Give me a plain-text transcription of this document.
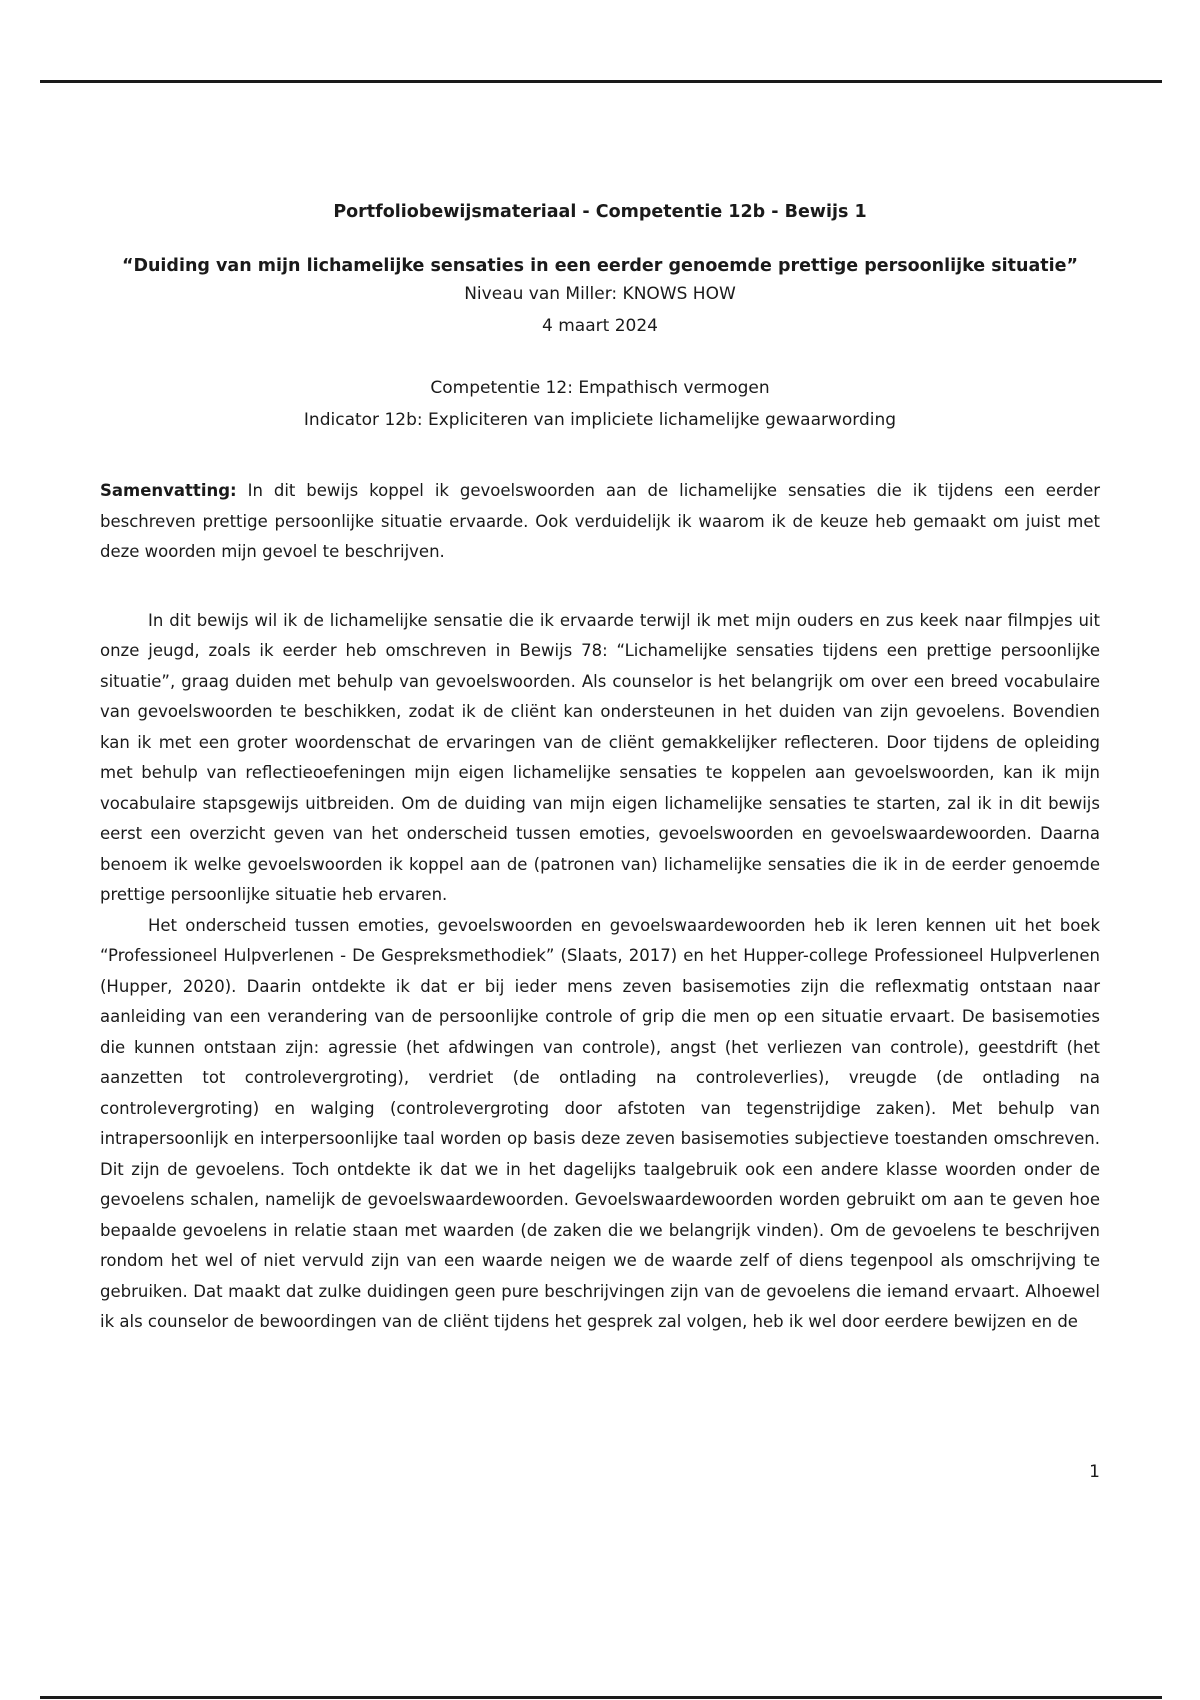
Portfoliobewijsmateriaal - Competentie 12b - Bewijs 1

“Duiding van mijn lichamelijke sensaties in een eerder genoemde prettige persoonlijke situatie”

Niveau van Miller: KNOWS HOW

4 maart 2024

Competentie 12: Empathisch vermogen

Indicator 12b: Expliciteren van impliciete lichamelijke gewaarwording

Samenvatting: In dit bewijs koppel ik gevoelswoorden aan de lichamelijke sensaties die ik tijdens een eerder beschreven prettige persoonlijke situatie ervaarde. Ook verduidelijk ik waarom ik de keuze heb gemaakt om juist met deze woorden mijn gevoel te beschrijven.

In dit bewijs wil ik de lichamelijke sensatie die ik ervaarde terwijl ik met mijn ouders en zus keek naar filmpjes uit onze jeugd, zoals ik eerder heb omschreven in Bewijs 78: “Lichamelijke sensaties tijdens een prettige persoonlijke situatie”, graag duiden met behulp van gevoelswoorden. Als counselor is het belangrijk om over een breed vocabulaire van gevoelswoorden te beschikken, zodat ik de cliënt kan ondersteunen in het duiden van zijn gevoelens. Bovendien kan ik met een groter woordenschat de ervaringen van de cliënt gemakkelijker reflecteren. Door tijdens de opleiding met behulp van reflectieoefeningen mijn eigen lichamelijke sensaties te koppelen aan gevoelswoorden, kan ik mijn vocabulaire stapsgewijs uitbreiden. Om de duiding van mijn eigen lichamelijke sensaties te starten, zal ik in dit bewijs eerst een overzicht geven van het onderscheid tussen emoties, gevoelswoorden en gevoelswaardewoorden. Daarna benoem ik welke gevoelswoorden ik koppel aan de (patronen van) lichamelijke sensaties die ik in de eerder genoemde prettige persoonlijke situatie heb ervaren.

Het onderscheid tussen emoties, gevoelswoorden en gevoelswaardewoorden heb ik leren kennen uit het boek “Professioneel Hulpverlenen - De Gespreksmethodiek” (Slaats, 2017) en het Hupper-college Professioneel Hulpverlenen (Hupper, 2020). Daarin ontdekte ik dat er bij ieder mens zeven basisemoties zijn die reflexmatig ontstaan naar aanleiding van een verandering van de persoonlijke controle of grip die men op een situatie ervaart. De basisemoties die kunnen ontstaan zijn: agressie (het afdwingen van controle), angst (het verliezen van controle), geestdrift (het aanzetten tot controlevergroting), verdriet (de ontlading na controleverlies), vreugde (de ontlading na controlevergroting) en walging (controlevergroting door afstoten van tegenstrijdige zaken). Met behulp van intrapersoonlijk en interpersoonlijke taal worden op basis deze zeven basisemoties subjectieve toestanden omschreven. Dit zijn de gevoelens. Toch ontdekte ik dat we in het dagelijks taalgebruik ook een andere klasse woorden onder de gevoelens schalen, namelijk de gevoelswaardewoorden. Gevoelswaardewoorden worden gebruikt om aan te geven hoe bepaalde gevoelens in relatie staan met waarden (de zaken die we belangrijk vinden). Om de gevoelens te beschrijven rondom het wel of niet vervuld zijn van een waarde neigen we de waarde zelf of diens tegenpool als omschrijving te gebruiken. Dat maakt dat zulke duidingen geen pure beschrijvingen zijn van de gevoelens die iemand ervaart. Alhoewel ik als counselor de bewoordingen van de cliënt tijdens het gesprek zal volgen, heb ik wel door eerdere bewijzen en de

1
